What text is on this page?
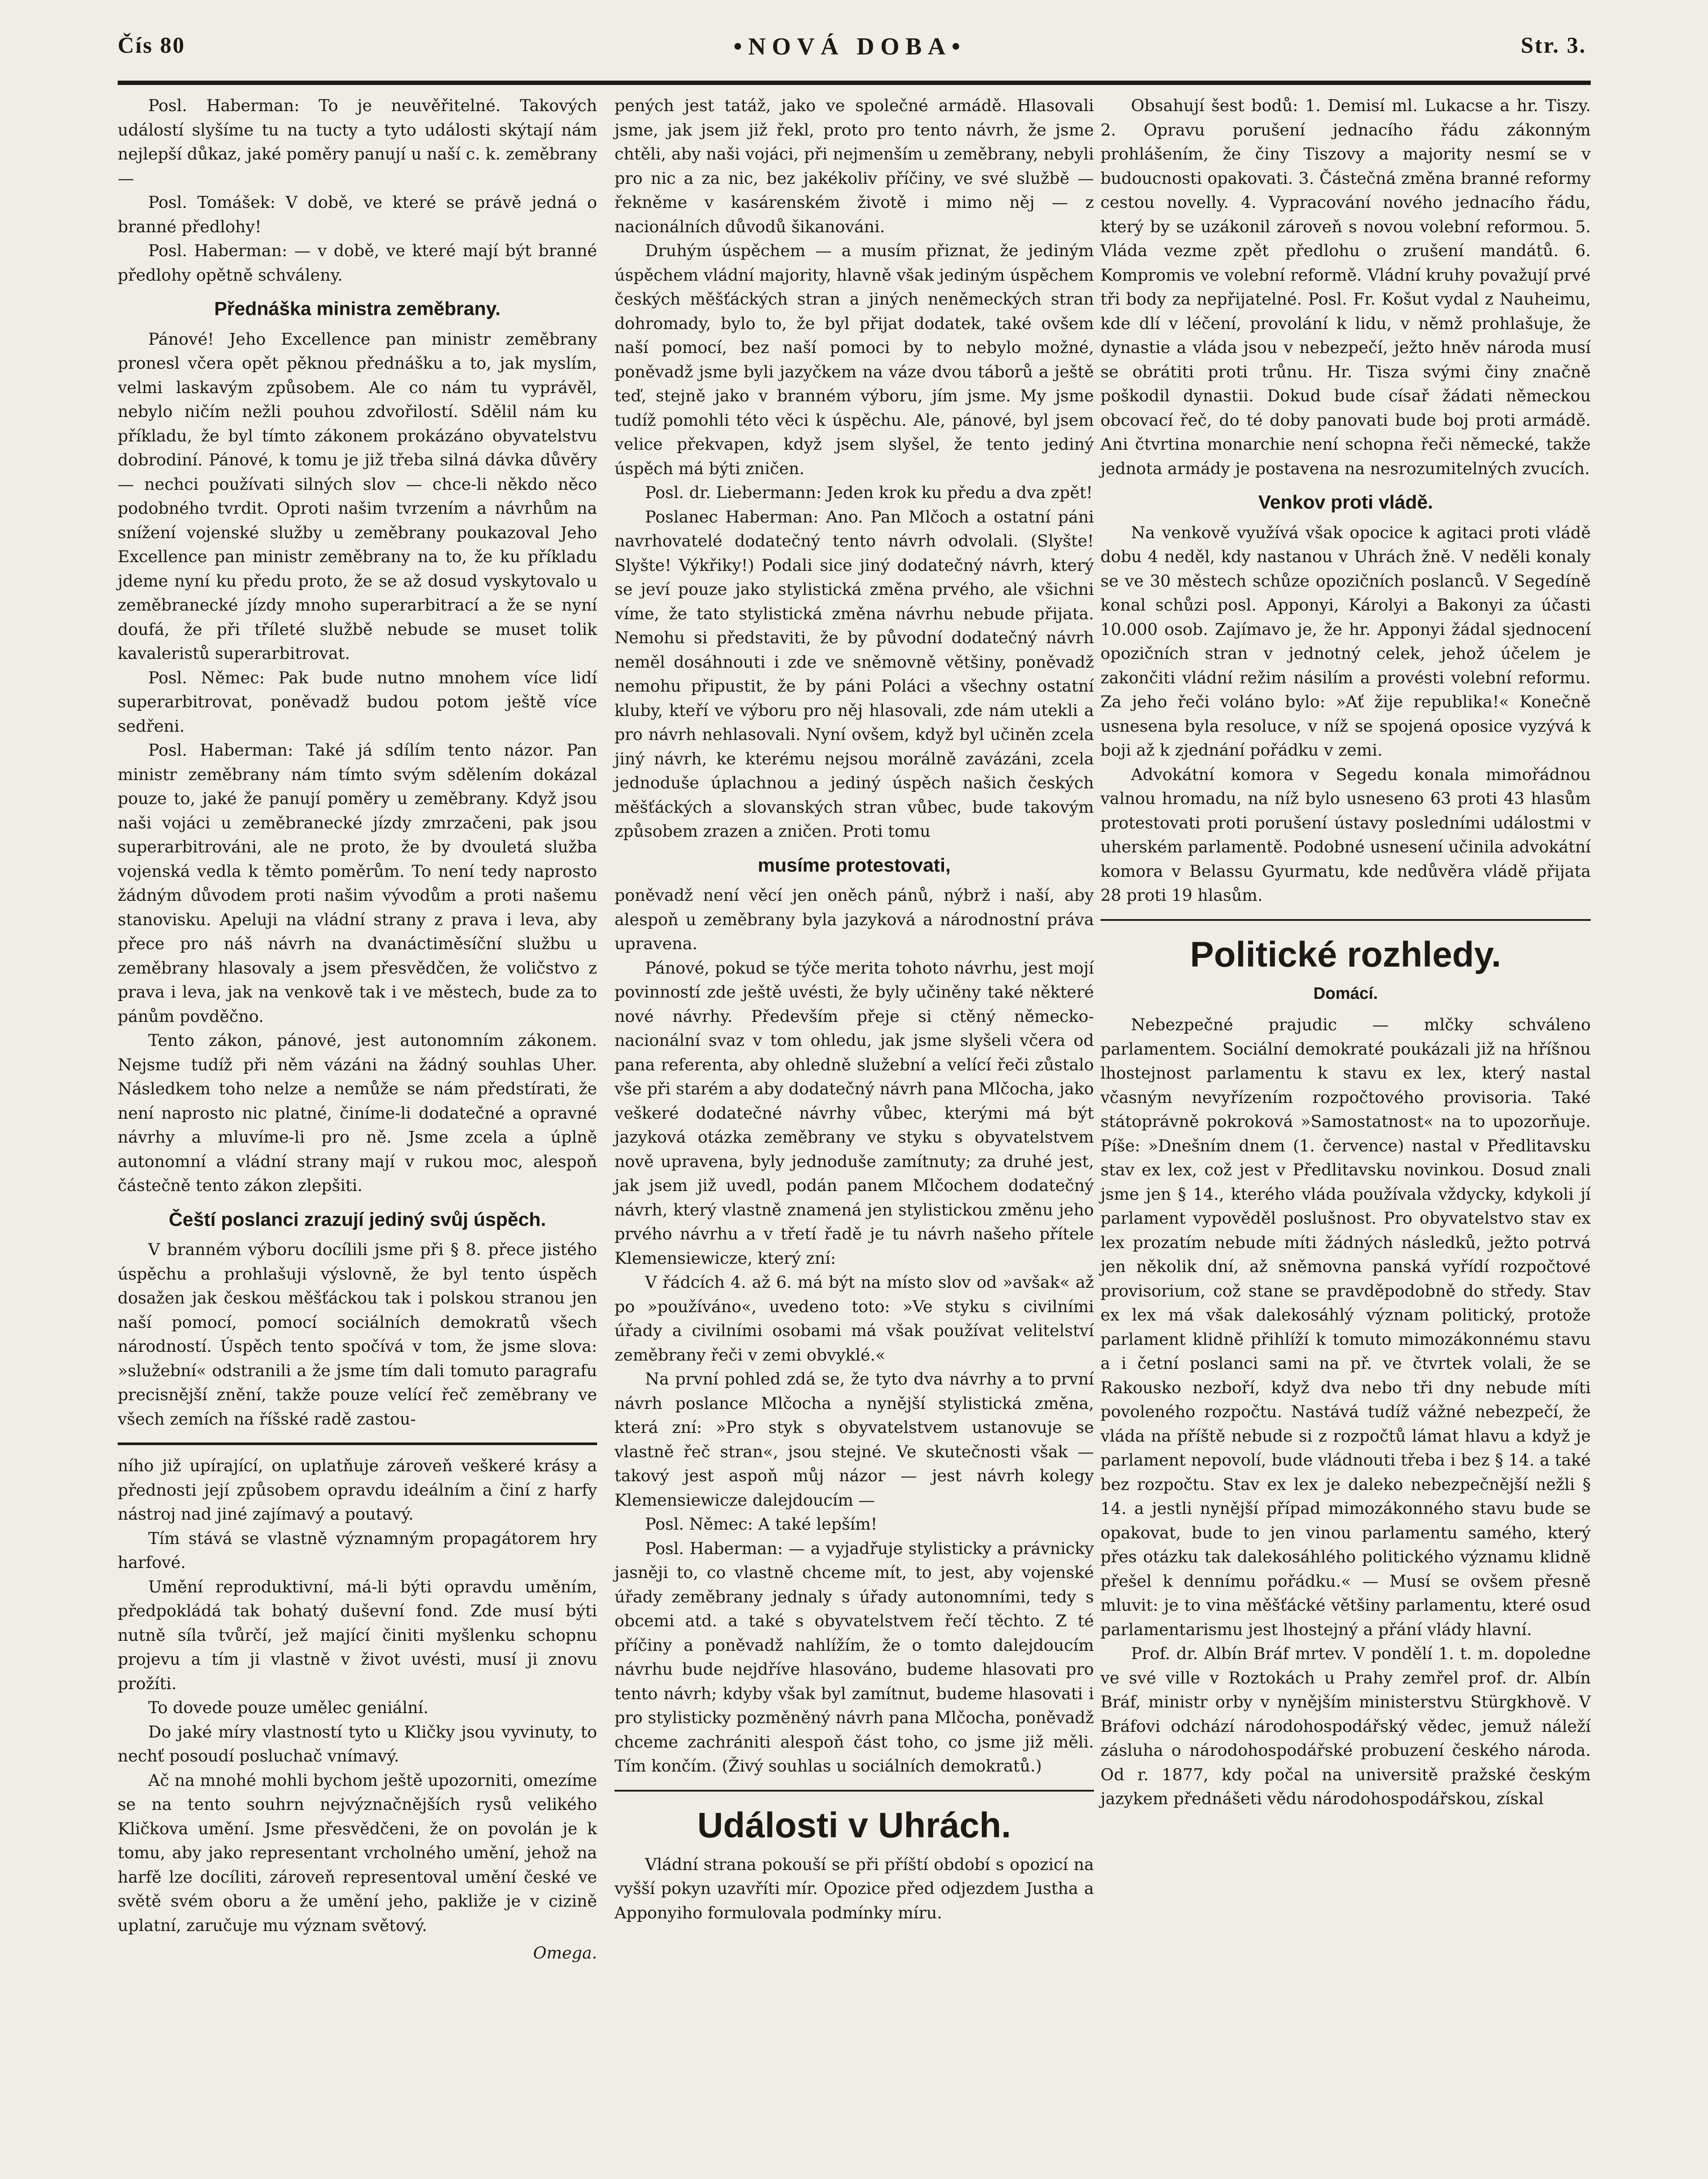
Čís 80	•NOVÁ DOBA•	Str. 3.

Posl. Haberman: To je neuvěřitelné. Takových událostí slyšíme tu na tucty a tyto události skýtají nám nejlepší důkaz, jaké poměry panují u naší c. k. zeměbrany —

Posl. Tomášek: V době, ve které se právě jedná o branné předlohy!

Posl. Haberman: — v době, ve které mají být branné předlohy opětně schváleny.

Přednáška ministra zeměbrany.

Pánové! Jeho Excellence pan ministr zeměbrany pronesl včera opět pěknou přednášku a to, jak myslím, velmi laskavým způsobem. Ale co nám tu vyprávěl, nebylo ničím nežli pouhou zdvořilostí. Sdělil nám ku příkladu, že byl tímto zákonem prokázáno obyvatelstvu dobrodiní. Pánové, k tomu je již třeba silná dávka důvěry — nechci používati silných slov — chce-li někdo něco podobného tvrdit. Oproti našim tvrzením a návrhům na snížení vojenské služby u zeměbrany poukazoval Jeho Excellence pan ministr zeměbrany na to, že ku příkladu jdeme nyní ku předu proto, že se až dosud vyskytovalo u zeměbranecké jízdy mnoho superarbitrací a že se nyní doufá, že při tříleté službě nebude se muset tolik kavaleristů superarbitrovat.

Posl. Němec: Pak bude nutno mnohem více lidí superarbitrovat, poněvadž budou potom ještě více sedřeni.

Posl. Haberman: Také já sdílím tento názor. Pan ministr zeměbrany nám tímto svým sdělením dokázal pouze to, jaké že panují poměry u zeměbrany. Když jsou naši vojáci u zeměbranecké jízdy zmrzačeni, pak jsou superarbitrováni, ale ne proto, že by dvouletá služba vojenská vedla k těmto poměrům. To není tedy naprosto žádným důvodem proti našim vývodům a proti našemu stanovisku. Apeluji na vládní strany z prava i leva, aby přece pro náš návrh na dvanáctiměsíční službu u zeměbrany hlasovaly a jsem přesvědčen, že voličstvo z prava i leva, jak na venkově tak i ve městech, bude za to pánům povděčno.

Tento zákon, pánové, jest autonomním zákonem. Nejsme tudíž při něm vázáni na žádný souhlas Uher. Následkem toho nelze a nemůže se nám předstírati, že není naprosto nic platné, činíme-li dodatečné a opravné návrhy a mluvíme-li pro ně. Jsme zcela a úplně autonomní a vládní strany mají v rukou moc, alespoň částečně tento zákon zlepšiti.

Čeští poslanci zrazují jediný svůj úspěch.

V branném výboru docílili jsme při § 8. přece jistého úspěchu a prohlašuji výslovně, že byl tento úspěch dosažen jak českou měšťáckou tak i polskou stranou jen naší pomocí, pomocí sociálních demokratů všech národností. Úspěch tento spočívá v tom, že jsme slova: »služební« odstranili a že jsme tím dali tomuto paragrafu precisnější znění, takže pouze velící řeč zeměbrany ve všech zemích na říšské radě zastou-

ního již upírající, on uplatňuje zároveň veškeré krásy a přednosti její způsobem opravdu ideálním a činí z harfy nástroj nad jiné zajímavý a poutavý.

Tím stává se vlastně významným propagátorem hry harfové.

Umění reproduktivní, má-li býti opravdu uměním, předpokládá tak bohatý duševní fond. Zde musí býti nutně síla tvůrčí, jež mající činiti myšlenku schopnu projevu a tím ji vlastně v život uvésti, musí ji znovu prožíti.

To dovede pouze umělec geniální.

Do jaké míry vlastností tyto u Kličky jsou vyvinuty, to nechť posoudí posluchač vnímavý.

Ač na mnohé mohli bychom ještě upozorniti, omezíme se na tento souhrn nejvýznačnějších rysů velikého Kličkova umění. Jsme přesvědčeni, že on povolán je k tomu, aby jako representant vrcholného umění, jehož na harfě lze docíliti, zároveň representoval umění české ve světě svém oboru a že umění jeho, pakliže je v cizině uplatní, zaručuje mu význam světový.

Omega.

pených jest tatáž, jako ve společné armádě. Hlasovali jsme, jak jsem již řekl, proto pro tento návrh, že jsme chtěli, aby naši vojáci, při nejmenším u zeměbrany, nebyli pro nic a za nic, bez jakékoliv příčiny, ve své službě — řekněme v kasárenském životě i mimo něj — z nacionálních důvodů šikanováni.

Druhým úspěchem — a musím přiznat, že jediným úspěchem vládní majority, hlavně však jediným úspěchem českých měšťáckých stran a jiných neněmeckých stran dohromady, bylo to, že byl přijat dodatek, také ovšem naší pomocí, bez naší pomoci by to nebylo možné, poněvadž jsme byli jazyčkem na váze dvou táborů a ještě teď, stejně jako v branném výboru, jím jsme. My jsme tudíž pomohli této věci k úspěchu. Ale, pánové, byl jsem velice překvapen, když jsem slyšel, že tento jediný úspěch má býti zničen.

Posl. dr. Liebermann: Jeden krok ku předu a dva zpět!

Poslanec Haberman: Ano. Pan Mlčoch a ostatní páni navrhovatelé dodatečný tento návrh odvolali. (Slyšte! Slyšte! Výkřiky!) Podali sice jiný dodatečný návrh, který se jeví pouze jako stylistická změna prvého, ale všichni víme, že tato stylistická změna návrhu nebude přijata. Nemohu si představiti, že by původní dodatečný návrh neměl dosáhnouti i zde ve sněmovně většiny, poněvadž nemohu připustit, že by páni Poláci a všechny ostatní kluby, kteří ve výboru pro něj hlasovali, zde nám utekli a pro návrh nehlasovali. Nyní ovšem, když byl učiněn zcela jiný návrh, ke kterému nejsou morálně zavázáni, zcela jednoduše úplachnou a jediný úspěch našich českých měšťáckých a slovanských stran vůbec, bude takovým způsobem zrazen a zničen. Proti tomu

musíme protestovati,

poněvadž není věcí jen oněch pánů, nýbrž i naší, aby alespoň u zeměbrany byla jazyková a národnostní práva upravena.

Pánové, pokud se týče merita tohoto návrhu, jest mojí povinností zde ještě uvésti, že byly učiněny také některé nové návrhy. Především přeje si ctěný německo-nacionální svaz v tom ohledu, jak jsme slyšeli včera od pana referenta, aby ohledně služební a velící řeči zůstalo vše při starém a aby dodatečný návrh pana Mlčocha, jako veškeré dodatečné návrhy vůbec, kterými má být jazyková otázka zeměbrany ve styku s obyvatelstvem nově upravena, byly jednoduše zamítnuty; za druhé jest, jak jsem již uvedl, podán panem Mlčochem dodatečný návrh, který vlastně znamená jen stylistickou změnu jeho prvého návrhu a v třetí řadě je tu návrh našeho přítele Klemensiewicze, který zní:

V řádcích 4. až 6. má být na místo slov od »avšak« až po »používáno«, uvedeno toto: »Ve styku s civilními úřady a civilními osobami má však používat velitelství zeměbrany řeči v zemi obvyklé.«

Na první pohled zdá se, že tyto dva návrhy a to první návrh poslance Mlčocha a nynější stylistická změna, která zní: »Pro styk s obyvatelstvem ustanovuje se vlastně řeč stran«, jsou stejné. Ve skutečnosti však — takový jest aspoň můj názor — jest návrh kolegy Klemensiewicze dalejdoucím —

Posl. Němec: A také lepším!

Posl. Haberman: — a vyjadřuje stylisticky a právnicky jasněji to, co vlastně chceme mít, to jest, aby vojenské úřady zeměbrany jednaly s úřady autonomními, tedy s obcemi atd. a také s obyvatelstvem řečí těchto. Z té příčiny a poněvadž nahlížím, že o tomto dalejdoucím návrhu bude nejdříve hlasováno, budeme hlasovati pro tento návrh; kdyby však byl zamítnut, budeme hlasovati i pro stylisticky pozměněný návrh pana Mlčocha, poněvadž chceme zachrániti alespoň část toho, co jsme již měli. Tím končím. (Živý souhlas u sociálních demokratů.)

Události v Uhrách.

Vládní strana pokouší se při příští období s opozicí na vyšší pokyn uzavříti mír. Opozice před odjezdem Justha a Apponyiho formulovala podmínky míru.

Obsahují šest bodů: 1. Demisí ml. Lukacse a hr. Tiszy. 2. Opravu porušení jednacího řádu zákonným prohlášením, že činy Tiszovy a majority nesmí se v budoucnosti opakovati. 3. Částečná změna branné reformy cestou novelly. 4. Vypracování nového jednacího řádu, který by se uzákonil zároveň s novou volební reformou. 5. Vláda vezme zpět předlohu o zrušení mandátů. 6. Kompromis ve volební reformě. Vládní kruhy považují prvé tři body za nepřijatelné. Posl. Fr. Košut vydal z Nauheimu, kde dlí v léčení, provolání k lidu, v němž prohlašuje, že dynastie a vláda jsou v nebezpečí, ježto hněv národa musí se obrátiti proti trůnu. Hr. Tisza svými činy značně poškodil dynastii. Dokud bude císař žádati německou obcovací řeč, do té doby panovati bude boj proti armádě. Ani čtvrtina monarchie není schopna řeči německé, takže jednota armády je postavena na nesrozumitelných zvucích.

Venkov proti vládě.

Na venkově využívá však opocice k agitaci proti vládě dobu 4 neděl, kdy nastanou v Uhrách žně. V neděli konaly se ve 30 městech schůze opozičních poslanců. V Segedíně konal schůzi posl. Apponyi, Károlyi a Bakonyi za účasti 10.000 osob. Zajímavo je, že hr. Apponyi žádal sjednocení opozičních stran v jednotný celek, jehož účelem je zakončiti vládní režim násilím a provésti volební reformu. Za jeho řeči voláno bylo: »Ať žije republika!« Konečně usnesena byla resoluce, v níž se spojená oposice vyzývá k boji až k zjednání pořádku v zemi.

Advokátní komora v Segedu konala mimořádnou valnou hromadu, na níž bylo usneseno 63 proti 43 hlasům protestovati proti porušení ústavy posledními událostmi v uherském parlamentě. Podobné usnesení učinila advokátní komora v Belassu Gyurmatu, kde nedůvěra vládě přijata 28 proti 19 hlasům.

Politické rozhledy.
Domácí.

Nebezpečné prajudic — mlčky schváleno parlamentem. Sociální demokraté poukázali již na hříšnou lhostejnost parlamentu k stavu ex lex, který nastal včasným nevyřízením rozpočtového provisoria. Také státoprávně pokroková »Samostatnost« na to upozorňuje. Píše: »Dnešním dnem (1. července) nastal v Předlitavsku stav ex lex, což jest v Předlitavsku novinkou. Dosud znali jsme jen § 14., kterého vláda používala vždycky, kdykoli jí parlament vypověděl poslušnost. Pro obyvatelstvo stav ex lex prozatím nebude míti žádných následků, ježto potrvá jen několik dní, až sněmovna panská vyřídí rozpočtové provisorium, což stane se pravděpodobně do středy. Stav ex lex má však dalekosáhlý význam politický, protože parlament klidně přihlíží k tomuto mimozákonnému stavu a i četní poslanci sami na př. ve čtvrtek volali, že se Rakousko nezboří, když dva nebo tři dny nebude míti povoleného rozpočtu. Nastává tudíž vážné nebezpečí, že vláda na příště nebude si z rozpočtů lámat hlavu a když je parlament nepovolí, bude vládnouti třeba i bez § 14. a také bez rozpočtu. Stav ex lex je daleko nebezpečnější nežli § 14. a jestli nynější případ mimozákonného stavu bude se opakovat, bude to jen vinou parlamentu samého, který přes otázku tak dalekosáhlého politického významu klidně přešel k dennímu pořádku.« — Musí se ovšem přesně mluvit: je to vina měšťácké většiny parlamentu, které osud parlamentarismu jest lhostejný a přání vlády hlavní.

Prof. dr. Albín Bráf mrtev. V pondělí 1. t. m. dopoledne ve své ville v Roztokách u Prahy zemřel prof. dr. Albín Bráf, ministr orby v nynějším ministerstvu Stürgkhově. V Bráfovi odchází národohospodářský vědec, jemuž náleží zásluha o národohospodářské probuzení českého národa. Od r. 1877, kdy počal na universitě pražské českým jazykem přednášeti vědu národohospodářskou, získal
